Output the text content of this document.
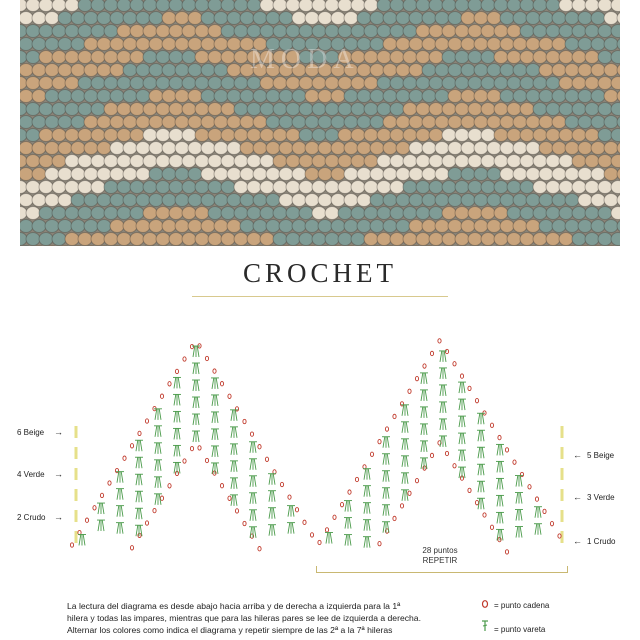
MODA
CROCHET
6 Beige →
4 Verde →
2 Crudo →
← 5 Beige
← 3 Verde
← 1 Crudo
28 puntos
REPETIR

La lectura del diagrama es desde abajo hacia arriba y de derecha a izquierda para la 1ª

hilera y todas las impares, mientras que para las hileras pares se lee de izquierda a derecha.

Alternar los colores como indica el diagrama y repetir siempre de las 2ª a la 7ª hileras

= punto cadena
= punto vareta
